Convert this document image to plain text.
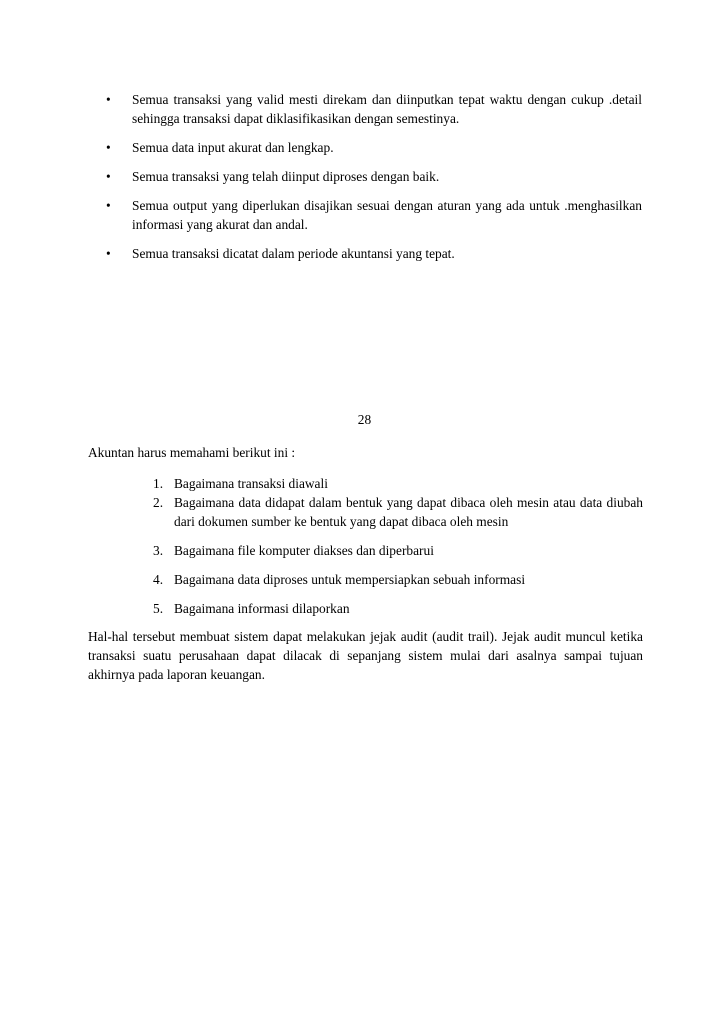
• Semua transaksi yang valid mesti direkam dan diinputkan tepat waktu dengan cukup .detail sehingga transaksi dapat diklasifikasikan dengan semestinya.
• Semua data input akurat dan lengkap.
• Semua transaksi yang telah diinput diproses dengan baik.
• Semua output yang diperlukan disajikan sesuai dengan aturan yang ada untuk .menghasilkan informasi yang akurat dan andal.
• Semua transaksi dicatat dalam periode akuntansi yang tepat.
28
Akuntan harus memahami berikut ini :
1. Bagaimana transaksi diawali
2. Bagaimana data didapat dalam bentuk yang dapat dibaca oleh mesin atau data diubah dari dokumen sumber ke bentuk yang dapat dibaca oleh mesin
3. Bagaimana file komputer diakses dan diperbarui
4. Bagaimana data diproses untuk mempersiapkan sebuah informasi
5. Bagaimana informasi dilaporkan

Hal-hal tersebut membuat sistem dapat melakukan jejak audit (audit trail). Jejak audit muncul ketika transaksi suatu perusahaan dapat dilacak di sepanjang sistem mulai dari asalnya sampai tujuan akhirnya pada laporan keuangan.
